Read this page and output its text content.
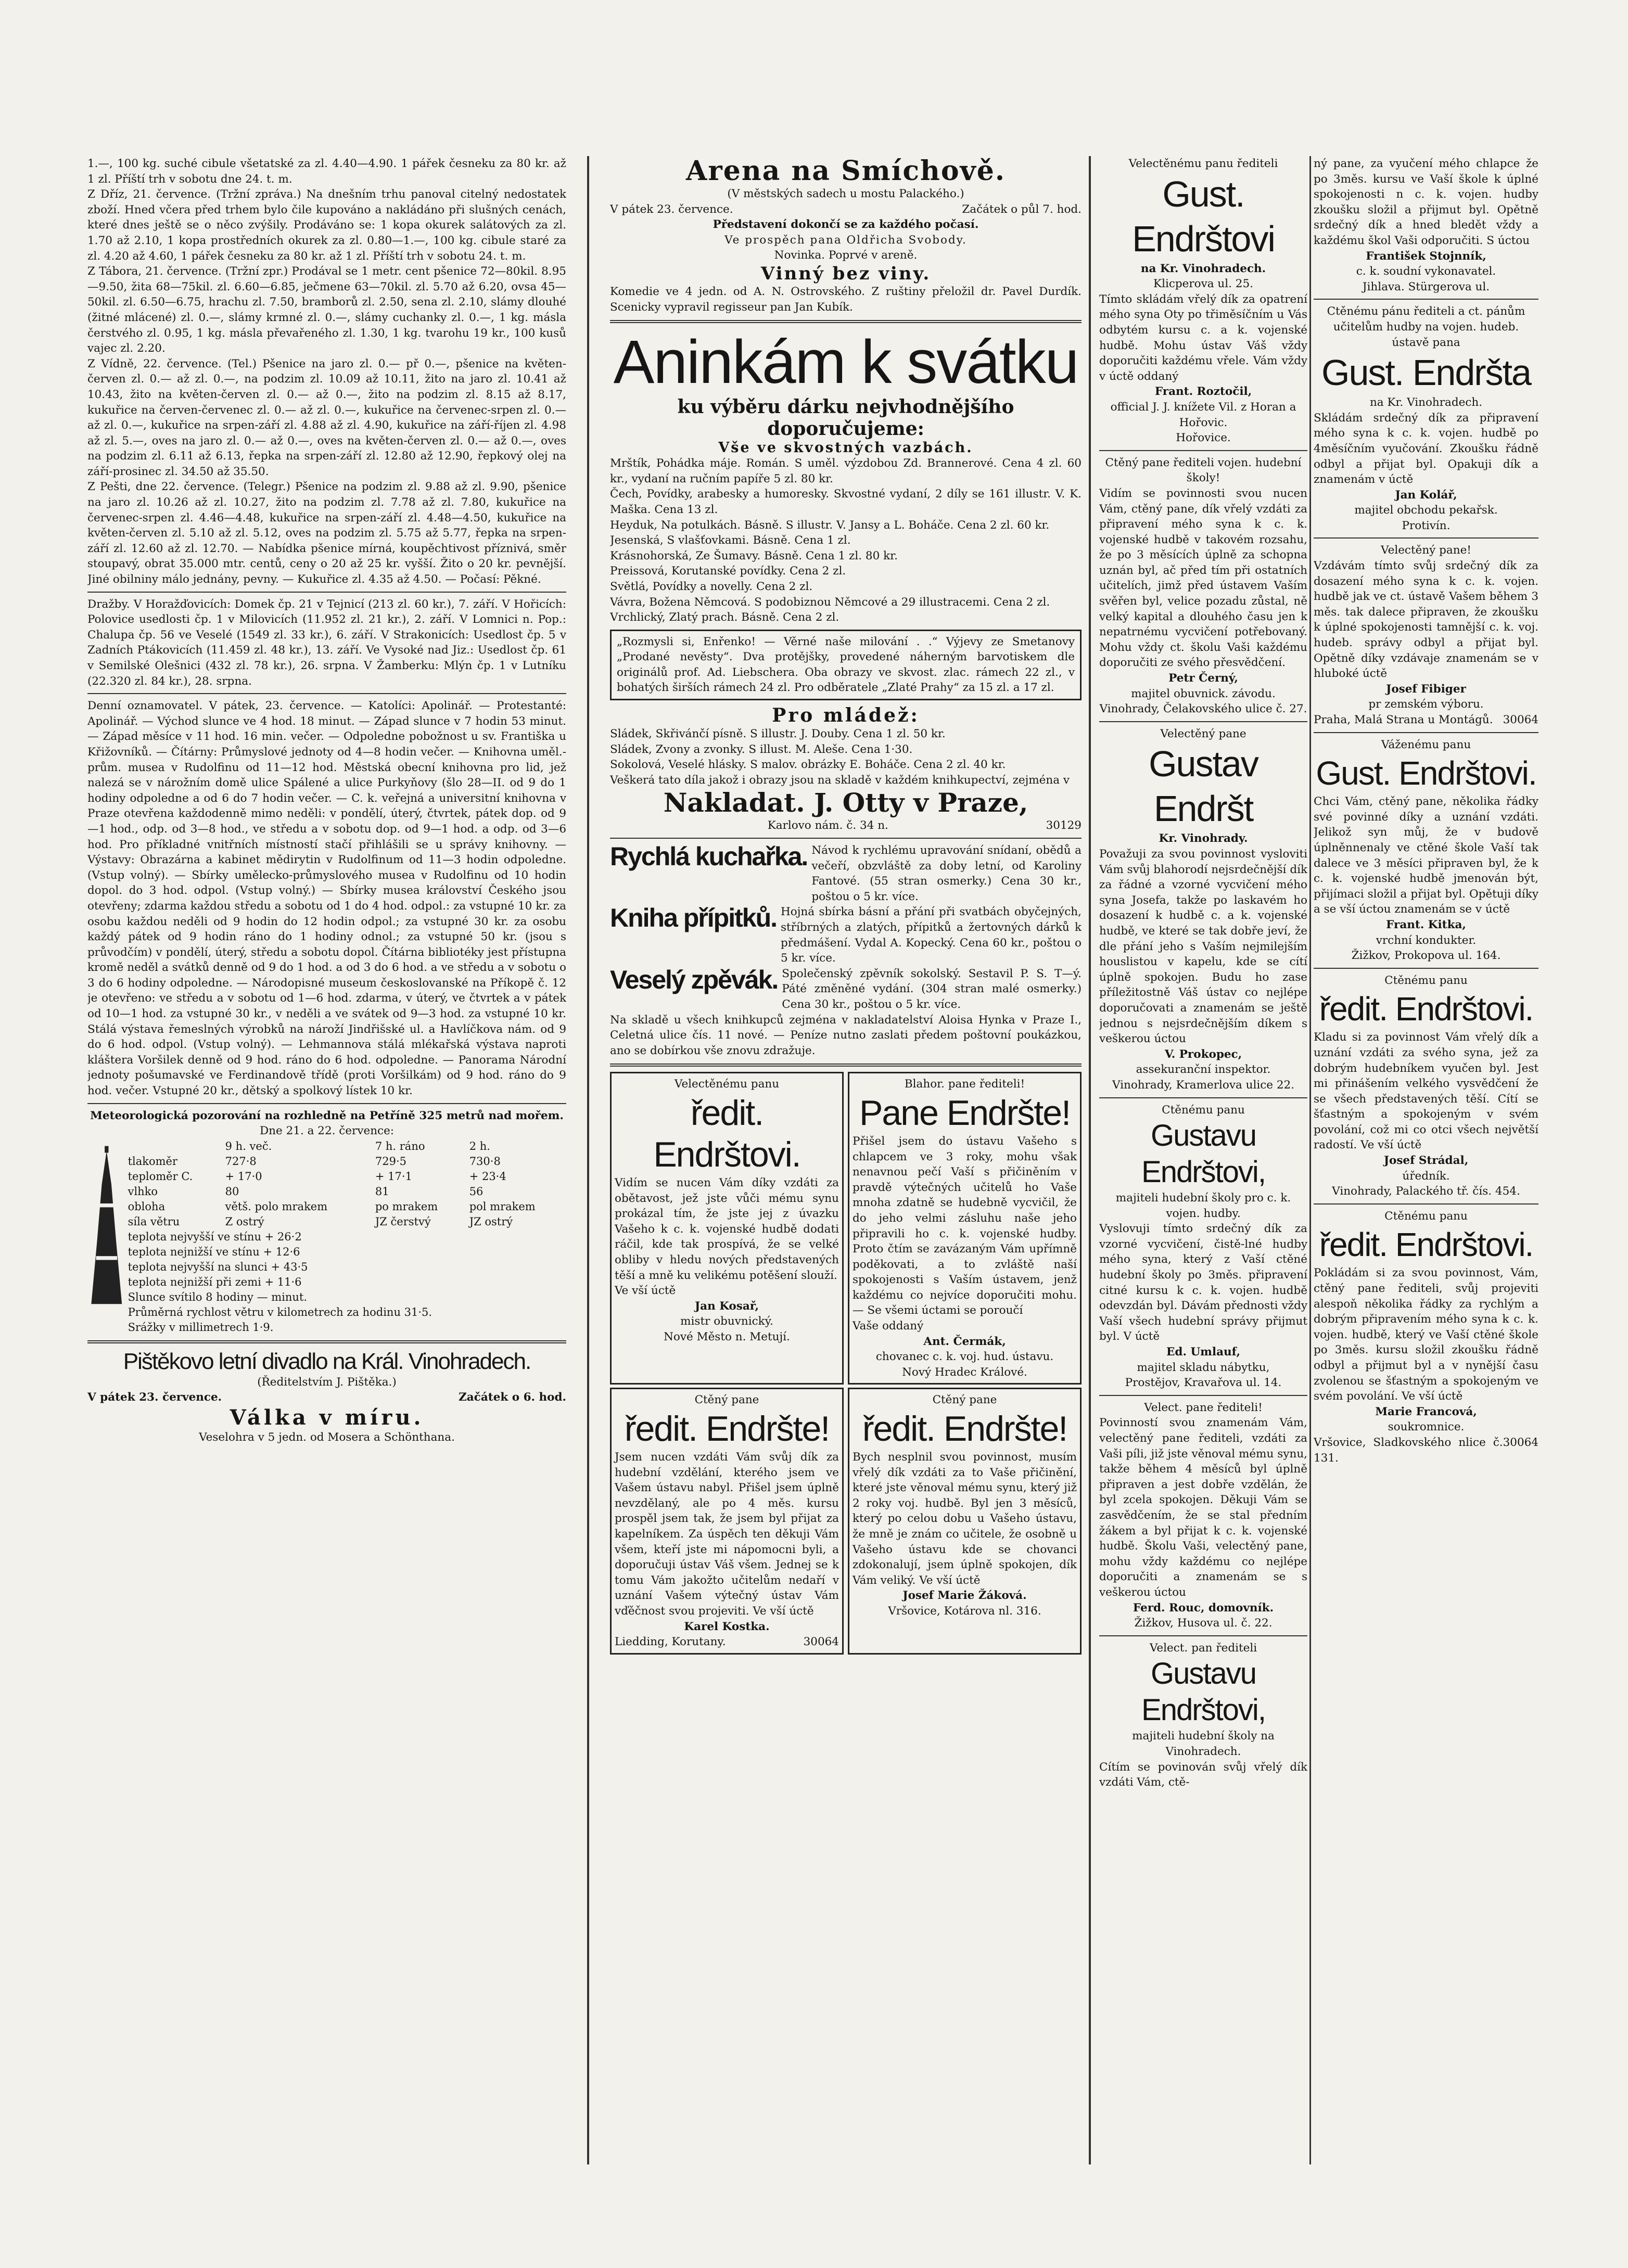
1.—, 100 kg. suché cibule všetatské za zl. 4.40—4.90. 1 pářek česneku za 80 kr. až 1 zl. Příští trh v sobotu dne 24. t. m.

Z Dříz, 21. července. (Tržní zpráva.) Na dnešním trhu panoval citelný nedostatek zboží. Hned včera před trhem bylo čile kupováno a nakládáno při slušných cenách, které dnes ještě se o něco zvýšily. Prodáváno se: 1 kopa okurek salátových za zl. 1.70 až 2.10, 1 kopa prostředních okurek za zl. 0.80—1.—, 100 kg. cibule staré za zl. 4.20 až 4.60, 1 pářek česneku za 80 kr. až 1 zl. Příští trh v sobotu 24. t. m.

Z Tábora, 21. července. (Tržní zpr.) Prodával se 1 metr. cent pšenice 72—80kil. 8.95—9.50, žita 68—75kil. zl. 6.60—6.85, ječmene 63—70kil. zl. 5.70 až 6.20, ovsa 45—50kil. zl. 6.50—6.75, hrachu zl. 7.50, bramborů zl. 2.50, sena zl. 2.10, slámy dlouhé (žitné mlácené) zl. 0.—, slámy krmné zl. 0.—, slámy cuchanky zl. 0.—, 1 kg. másla čerstvého zl. 0.95, 1 kg. másla převařeného zl. 1.30, 1 kg. tvarohu 19 kr., 100 kusů vajec zl. 2.20.

Z Vídně, 22. července. (Tel.) Pšenice na jaro zl. 0.— př 0.—, pšenice na květen-červen zl. 0.— až zl. 0.—, na podzim zl. 10.09 až 10.11, žito na jaro zl. 10.41 až 10.43, žito na květen-červen zl. 0.— až 0.—, žito na podzim zl. 8.15 až 8.17, kukuřice na červen-červenec zl. 0.— až zl. 0.—, kukuřice na červenec-srpen zl. 0.— až zl. 0.—, kukuřice na srpen-září zl. 4.88 až zl. 4.90, kukuřice na září-říjen zl. 4.98 až zl. 5.—, oves na jaro zl. 0.— až 0.—, oves na květen-červen zl. 0.— až 0.—, oves na podzim zl. 6.11 až 6.13, řepka na srpen-září zl. 12.80 až 12.90, řepkový olej na září-prosinec zl. 34.50 až 35.50.

Z Pešti, dne 22. července. (Telegr.) Pšenice na podzim zl. 9.88 až zl. 9.90, pšenice na jaro zl. 10.26 až zl. 10.27, žito na podzim zl. 7.78 až zl. 7.80, kukuřice na červenec-srpen zl. 4.46—4.48, kukuřice na srpen-září zl. 4.48—4.50, kukuřice na květen-červen zl. 5.10 až zl. 5.12, oves na podzim zl. 5.75 až 5.77, řepka na srpen-září zl. 12.60 až zl. 12.70. — Nabídka pšenice mírná, koupěchtivost příznivá, směr stoupavý, obrat 35.000 mtr. centů, ceny o 20 až 25 kr. vyšší. Žito o 20 kr. pevnější. Jiné obilniny málo jednány, pevny. — Kukuřice zl. 4.35 až 4.50. — Počasí: Pěkné.

Dražby. V Horažďovicích: Domek čp. 21 v Tejnicí (213 zl. 60 kr.), 7. září. V Hořicích: Polovice usedlosti čp. 1 v Milovicích (11.952 zl. 21 kr.), 2. září. V Lomnici n. Pop.: Chalupa čp. 56 ve Veselé (1549 zl. 33 kr.), 6. září. V Strakonicích: Usedlost čp. 5 v Zadních Ptákovicích (11.459 zl. 48 kr.), 13. září. Ve Vysoké nad Jiz.: Usedlost čp. 61 v Semilské Olešnici (432 zl. 78 kr.), 26. srpna. V Žamberku: Mlýn čp. 1 v Lutníku (22.320 zl. 84 kr.), 28. srpna.

Denní oznamovatel. V pátek, 23. července. — Katolíci: Apolinář. — Protestanté: Apolinář. — Východ slunce ve 4 hod. 18 minut. — Západ slunce v 7 hodin 53 minut. — Západ měsíce v 11 hod. 16 min. večer. — Odpoledne pobožnost u sv. Františka u Křižovníků. — Čítárny: Průmyslové jednoty od 4—8 hodin večer. — Knihovna uměl.-prům. musea v Rudolfinu od 11—12 hod. Městská obecní knihovna pro lid, jež nalezá se v nárožním domě ulice Spálené a ulice Purkyňovy (šlo 28—II. od 9 do 1 hodiny odpoledne a od 6 do 7 hodin večer. — C. k. veřejná a universitní knihovna v Praze otevřena každodenně mimo neděli: v pondělí, úterý, čtvrtek, pátek dop. od 9—1 hod., odp. od 3—8 hod., ve středu a v sobotu dop. od 9—1 hod. a odp. od 3—6 hod. Pro příkladné vnitřních místností stačí přihlášili se u správy knihovny. — Výstavy: Obrazárna a kabinet mědirytin v Rudolfinum od 11—3 hodin odpoledne. (Vstup volný). — Sbírky umělecko-průmyslového musea v Rudolfinu od 10 hodin dopol. do 3 hod. odpol. (Vstup volný.) — Sbírky musea království Českého jsou otevřeny; zdarma každou středu a sobotu od 1 do 4 hod. odpol.: za vstupné 10 kr. za osobu každou neděli od 9 hodin do 12 hodin odpol.; za vstupné 30 kr. za osobu každý pátek od 9 hodin ráno do 1 hodiny odnol.; za vstupné 50 kr. (jsou s průvodčím) v pondělí, úterý, středu a sobotu dopol. Čítárna bibliotéky jest přístupna kromě neděl a svátků denně od 9 do 1 hod. a od 3 do 6 hod. a ve středu a v sobotu o 3 do 6 hodiny odpoledne. — Národopisné museum českoslovanské na Příkopě č. 12 je otevřeno: ve středu a v sobotu od 1—6 hod. zdarma, v úterý, ve čtvrtek a v pátek od 10—1 hod. za vstupné 30 kr., v neděli a ve svátek od 9—3 hod. za vstupné 10 kr. Stálá výstava řemeslných výrobků na nároží Jindřišské ul. a Havlíčkova nám. od 9 do 6 hod. odpol. (Vstup volný). — Lehmannova stálá mlékařská výstava naproti kláštera Voršilek denně od 9 hod. ráno do 6 hod. odpoledne. — Panorama Národní jednoty pošumavské ve Ferdinandově třídě (proti Voršilkám) od 9 hod. ráno do 9 hod. večer. Vstupné 20 kr., dětský a spolkový lístek 10 kr.

Meteorologická pozorování na rozhledně na Petříně 325 metrů nad mořem.
Dne 21. a 22. července:
	9 h. več.	7 h. ráno	2 h.
tlakoměr	727·8	729·5	730·8
teploměr C.	+ 17·0	+ 17·1	+ 23·4
vlhko	80	81	56
obloha	větš. polo mrakem	po mrakem	pol mrakem
síla větru	Z ostrý	JZ čerstvý	JZ ostrý
teplota nejvyšší ve stínu + 26·2			
teplota nejnižší ve stínu + 12·6			
teplota nejvyšší na slunci + 43·5			
teplota nejnižší při zemi + 11·6			
Slunce svítilo 8 hodiny — minut.			
Průměrná rychlost větru v kilometrech za hodinu 31·5.			
Srážky v millimetrech 1·9.			
Pištěkovo letní divadlo na Král. Vinohradech.
(Ředitelstvím J. Pištěka.)
V pátek 23. července.	Začátek o 6. hod.
Válka v míru.
Veselohra v 5 jedn. od Mosera a Schönthana.
Arena na Smíchově.
(V městských sadech u mostu Palackého.)
V pátek 23. července.	Začátek o půl 7. hod.
Představení dokončí se za každého počasí.
Ve prospěch pana Oldřicha Svobody.
Novinka. Poprvé v areně.
Vinný bez viny.
Komedie ve 4 jedn. od A. N. Ostrovského. Z ruštiny přeložil dr. Pavel Durdík. Scenicky vypravil regisseur pan Jan Kubík.
Aninkám k svátku
ku výběru dárku nejvhodnějšího doporučujeme:
Vše ve skvostných vazbách.

Mrštík, Pohádka máje. Román. S uměl. výzdobou Zd. Brannerové. Cena 4 zl. 60 kr., vydaní na ručním papíře 5 zl. 80 kr.

Čech, Povídky, arabesky a humoresky. Skvostné vydaní, 2 díly se 161 illustr. V. K. Maška. Cena 13 zl.

Heyduk, Na potulkách. Básně. S illustr. V. Jansy a L. Boháče. Cena 2 zl. 60 kr.

Jesenská, S vlašťovkami. Básně. Cena 1 zl.

Krásnohorská, Ze Šumavy. Básně. Cena 1 zl. 80 kr.

Preissová, Korutanské povídky. Cena 2 zl.

Světlá, Povídky a novelly. Cena 2 zl.

Vávra, Božena Němcová. S podobiznou Němcové a 29 illustracemi. Cena 2 zl.

Vrchlický, Zlatý prach. Básně. Cena 2 zl.

„Rozmysli si, Enřenko! — Věrné naše milování . .“ Výjevy ze Smetanovy „Prodané nevěsty“. Dva protějšky, provedené náherným barvotiskem dle originálů prof. Ad. Liebschera. Oba obrazy ve skvost. zlac. rámech 22 zl., v bohatých širších rámech 24 zl. Pro odběratele „Zlaté Prahy“ za 15 zl. a 17 zl.
Pro mládež:

Sládek, Skřivánčí písně. S illustr. J. Douby. Cena 1 zl. 50 kr.

Sládek, Zvony a zvonky. S illust. M. Aleše. Cena 1·30.

Sokolová, Veselé hlásky. S malov. obrázky E. Boháče. Cena 2 zl. 40 kr.

Veškerá tato díla jakož i obrazy jsou na skladě v každém knihkupectví, zejména v

Nakladat. J. Otty v Praze,
Karlovo nám. č. 34 n.	30129
Rychlá kuchařka. Návod k rychlému upravování snídaní, obědů a večeří, obzvláště za doby letní, od Karoliny Fantové. (55 stran osmerky.) Cena 30 kr., poštou o 5 kr. více.

Kniha přípitků. Hojná sbírka básní a přání při svatbách obyčejných, stříbrných a zlatých, přípitků a žertovných dárků k předmášení. Vydal A. Kopecký. Cena 60 kr., poštou o 5 kr. více.

Veselý zpěvák. Společenský zpěvník sokolský. Sestavil P. S. T—ý. Páté změněné vydání. (304 stran malé osmerky.) Cena 30 kr., poštou o 5 kr. více.

Na skladě u všech knihkupců zejména v nakladatelství Aloisa Hynka v Praze I., Celetná ulice čís. 11 nové. — Peníze nutno zaslati předem poštovní poukázkou, ano se dobírkou vše znovu zdražuje.

Velectěnému panu
ředit. Endrštovi.

Vidím se nucen Vám díky vzdáti za obětavost, jež jste vůči mému synu prokázal tím, že jste jej z úvazku Vašeho k c. k. vojenské hudbě dodati ráčil, kde tak prospívá, že se velké obliby v hledu nových představených těší a mně ku velikému potěšení slouží.

Ve vší úctě
Jan Kosař,
mistr obuvnický.
Nové Město n. Metují.
Blahor. pane řediteli!
Pane Endršte!

Přišel jsem do ústavu Vašeho s chlapcem ve 3 roky, mohu však nenavnou pečí Vaší s přičiněním v pravdě výtečných učitelů ho Vaše mnoha zdatně se hudebně vycvičil, že do jeho velmi zásluhu naše jeho připravili ho c. k. vojenské hudby. Proto čtím se zavázaným Vám upřímně poděkovati, a to zvláště naší spokojenosti s Vaším ústavem, jenž každému co nejvíce doporučiti mohu. — Se všemi úctami se poroučí

Vaše oddaný
Ant. Čermák,
chovanec c. k. voj. hud. ústavu.
Nový Hradec Králové.
Ctěný pane
ředit. Endršte!

Jsem nucen vzdáti Vám svůj dík za hudební vzdělání, kterého jsem ve Vašem ústavu nabyl. Přišel jsem úplně nevzdělaný, ale po 4 měs. kursu prospěl jsem tak, že jsem byl přijat za kapelníkem. Za úspěch ten děkuji Vám všem, kteří jste mi nápomocni byli, a doporučuji ústav Váš všem. Jednej se k tomu Vám jakožto učitelům nedaří v uznání Vašem výtečný ústav Vám vďěčnost svou projeviti. Ve vší úctě

Karel Kostka.
Liedding, Korutany.	30064
Ctěný pane
ředit. Endršte!

Bych nesplnil svou povinnost, musím vřelý dík vzdáti za to Vaše přičinění, které jste věnoval mému synu, který již 2 roky voj. hudbě. Byl jen 3 měsíců, který po celou dobu u Vašeho ústavu, že mně je znám co učitele, že osobně u Vašeho ústavu kde se chovanci zdokonalují, jsem úplně spokojen, dík Vám veliký. Ve vší úctě

Josef Marie Žáková.
Vršovice, Kotárova nl. 316.
Velectěnému panu řediteli
Gust. Endrštovi
na Kr. Vinohradech.
Klicperova ul. 25.

Tímto skládám vřelý dík za opatrení mého syna Oty po třiměsíčním u Vás odbytém kursu c. a k. vojenské hudbě. Mohu ústav Váš vždy doporučiti každému vřele. Vám vždy v úctě oddaný

Frant. Roztočil,
official J. J. knížete Vil. z Horan a Hořovic.
Hořovice.
Ctěný pane řediteli vojen. hudební školy!

Vidím se povinnosti svou nucen Vám, ctěný pane, dík vřelý vzdáti za připravení mého syna k c. k. vojenské hudbě v takovém rozsahu, že po 3 měsících úplně za schopna uznán byl, ač před tím při ostatních učitelích, jimž před ústavem Vaším svěřen byl, velice pozadu zůstal, ně velký kapital a dlouhého času jen k nepatrnému vycvičení potřebovaný. Mohu vždy ct. školu Vaši každému doporučiti ze svého přesvědčení.

Petr Černý,
majitel obuvnick. závodu.
Vinohrady, Čelakovského ulice č. 27.
Velectěný pane
Gustav Endršt
Kr. Vinohrady.

Považuji za svou povinnost vysloviti Vám svůj blahorodí nejsrdečnější dík za řádné a vzorné vycvičení mého syna Josefa, takže po laskavém ho dosazení k hudbě c. a k. vojenské hudbě, ve které se tak dobře jeví, že dle přání jeho s Vaším nejmilejším houslistou v kapelu, kde se cítí úplně spokojen. Budu ho zase příležitostně Váš ústav co nejlépe doporučovati a znamenám se ještě jednou s nejsrdečnějším díkem s veškerou úctou

V. Prokopec,
assekuranční inspektor.
Vinohrady, Kramerlova ulice 22.
Ctěnému panu
Gustavu Endrštovi,
majiteli hudební školy pro c. k. vojen. hudby.

Vyslovuji tímto srdečný dík za vzorné vycvičení, čistě-lné hudby mého syna, který z Vaší ctěné hudební školy po 3měs. připravení citné kursu k c. k. vojen. hudbě odevzdán byl. Dávám přednosti vždy Vaší všech hudební správy přijmut byl. V úctě

Ed. Umlauf,
majitel skladu nábytku,
Prostějov, Kravařova ul. 14.
Velect. pane řediteli!

Povinností svou znamenám Vám, velectěný pane řediteli, vzdáti za Vaši píli, již jste věnoval mému synu, takže během 4 měsíců byl úplně připraven a jest dobře vzdělán, že byl zcela spokojen. Děkuji Vám se zasvědčením, že se stal předním žákem a byl přijat k c. k. vojenské hudbě. Školu Vaši, velectěný pane, mohu vždy každému co nejlépe doporučiti a znamenám se s veškerou úctou

Ferd. Rouc, domovník.
Žižkov, Husova ul. č. 22.
Velect. pan řediteli
Gustavu Endrštovi,
majiteli hudební školy na Vinohradech.

Cítím se povinován svůj vřelý dík vzdáti Vám, ctě-

ný pane, za vyučení mého chlapce že po 3měs. kursu ve Vaší škole k úplné spokojenosti n c. k. vojen. hudby zkoušku složil a přijmut byl. Opětně srdečný dík a hned bledět vždy a každému škol Vaši odporučiti. S úctou

František Stojnník,
c. k. soudní vykonavatel.
Jihlava. Stürgerova ul.
Ctěnému pánu řediteli a ct. pánům učitelům hudby na vojen. hudeb. ústavě pana
Gust. Endršta
na Kr. Vinohradech.

Skládám srdečný dík za připravení mého syna k c. k. vojen. hudbě po 4měsíčním vyučování. Zkoušku řádně odbyl a přijat byl. Opakuji dík a znamenám v úctě

Jan Kolář,
majitel obchodu pekařsk.
Protivín.
Velectěný pane!

Vzdávám tímto svůj srdečný dík za dosazení mého syna k c. k. vojen. hudbě jak ve ct. ústavě Vašem během 3 měs. tak dalece připraven, že zkoušku k úplné spokojenosti tamnější c. k. voj. hudeb. správy odbyl a přijat byl. Opětně díky vzdávaje znamenám se v hluboké úctě

Josef Fibiger
pr zemském výboru.
Praha, Malá Strana u Montágů. 30064
Váženému panu
Gust. Endrštovi.

Chci Vám, ctěný pane, několika řádky své povinné díky a uznání vzdáti. Jelikož syn můj, že v budově úplněnnenaly ve ctěné škole Vaší tak dalece ve 3 měsíci připraven byl, že k c. k. vojenské hudbě jmenován být, přijímaci složil a přijat byl. Opětuji díky a se vší úctou znamenám se v úctě

Frant. Kitka,
vrchní kondukter.
Žižkov, Prokopova ul. 164.
Ctěnému panu
ředit. Endrštovi.

Kladu si za povinnost Vám vřelý dík a uznání vzdáti za svého syna, jež za dobrým hudebníkem vyučen byl. Jest mi přinášením velkého vysvědčení že se všech představených těší. Cítí se šťastným a spokojeným v svém povolání, což mi co otci všech největší radostí. Ve vší úctě

Josef Strádal,
úředník.
Vinohrady, Palackého tř. čís. 454.
Ctěnému panu
ředit. Endrštovi.

Pokládám si za svou povinnost, Vám, ctěný pane řediteli, svůj projeviti alespoň několika řádky za rychlým a dobrým připravením mého syna k c. k. vojen. hudbě, který ve Vaší ctěné škole po 3měs. kursu složil zkoušku řádně odbyl a přijmut byl a v nynější času zvolenou se šťastným a spokojeným ve svém povolání. Ve vší úctě

Marie Francová,
soukromnice.
Vršovice, Sladkovského nlice č. 131.
30064
